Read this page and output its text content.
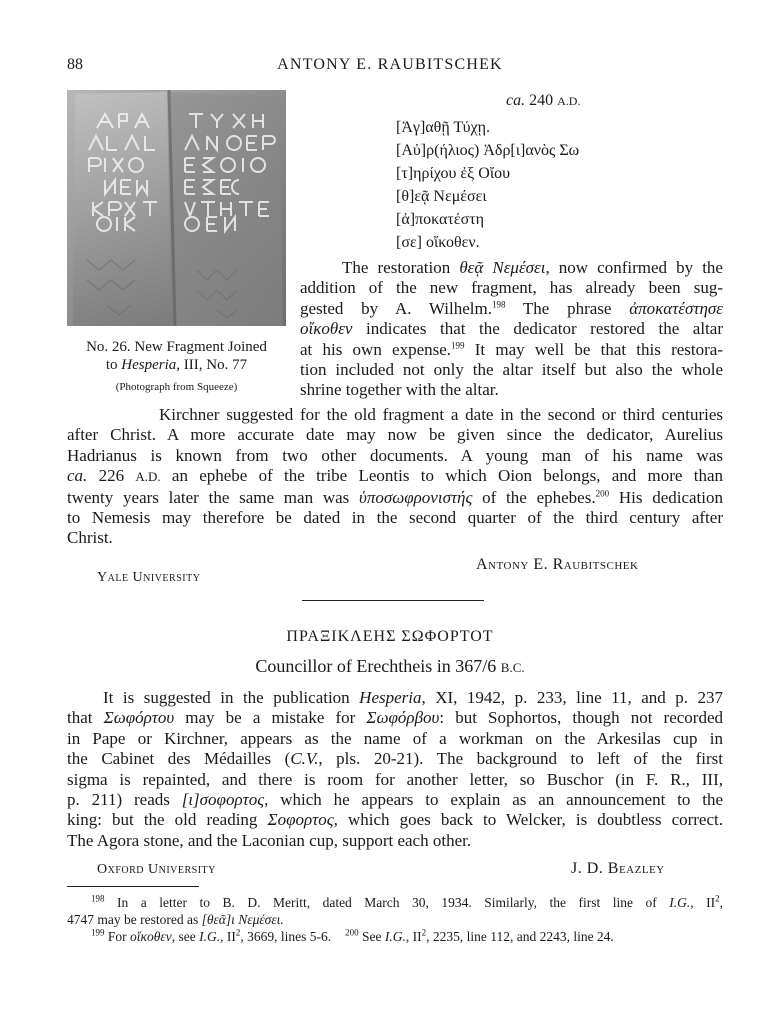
88	ANTONY E. RAUBITSCHEK
No. 26. New Fragment Joined
to Hesperia, III, No. 77
(Photograph from Squeeze)
ca. 240 A.D.
[Ἀγ]αθῇ Τύχῃ.
[Αὐ]ρ(ήλιος) Ἁδρ[ι]ανὸς Σω
[τ]ηρίχου ἐξ Οἴου
[θ]εᾷ Νεμέσει
[ἀ]ποκατέστη
[σε] οἴκοθεν.
The restoration θεᾷ Νεμέσει, now confirmed by the
addition of the new fragment, has already been sug-
gested by A. Wilhelm.$^{198}$ The phrase ἀποκατέστησε
οἴκοθεν indicates that the dedicator restored the altar
at his own expense.$^{199}$ It may well be that this restora-
tion included not only the altar itself but also the whole
shrine together with the altar.
Kirchner suggested for the old fragment a date in the second or third centuries
after Christ. A more accurate date may now be given since the dedicator, Aurelius
Hadrianus is known from two other documents. A young man of his name was
ca. 226 A.D. an ephebe of the tribe Leontis to which Oion belongs, and more than
twenty years later the same man was ὑποσωφρονιστής of the ephebes.$^{200}$ His dedication
to Nemesis may therefore be dated in the second quarter of the third century after
Christ.
Antony E. Raubitschek
Yale University
ΠΡΑΞΙΚΛΕΗΣ ΣΩΦΟΡΤΟΤ
Councillor of Erechtheis in 367/6 B.C.
It is suggested in the publication Hesperia, XI, 1942, p. 233, line 11, and p. 237
that Σωφόρτου may be a mistake for Σωφόρβου: but Sophortos, though not recorded
in Pape or Kirchner, appears as the name of a workman on the Arkesilas cup in
the Cabinet des Médailles (C.V., pls. 20-21). The background to left of the first
sigma is repainted, and there is room for another letter, so Buschor (in F. R., III,
p. 211) reads [ι]σοφορτος, which he appears to explain as an announcement to the
king: but the old reading Σοφορτος, which goes back to Welcker, is doubtless correct.
The Agora stone, and the Laconian cup, support each other.
Oxford University	J. D. Beazley
$^{198}$ In a letter to B. D. Meritt, dated March 30, 1934. Similarly, the first line of I.G., $II^2$,
4747 may be restored as [θεᾶ]ι Νεμέσει.
$^{199}$ For οἴκοθεν, see I.G., $II^2$, 3669, lines 5-6. $^{200}$ See I.G., $II^2$, 2235, line 112, and 2243, line 24.
